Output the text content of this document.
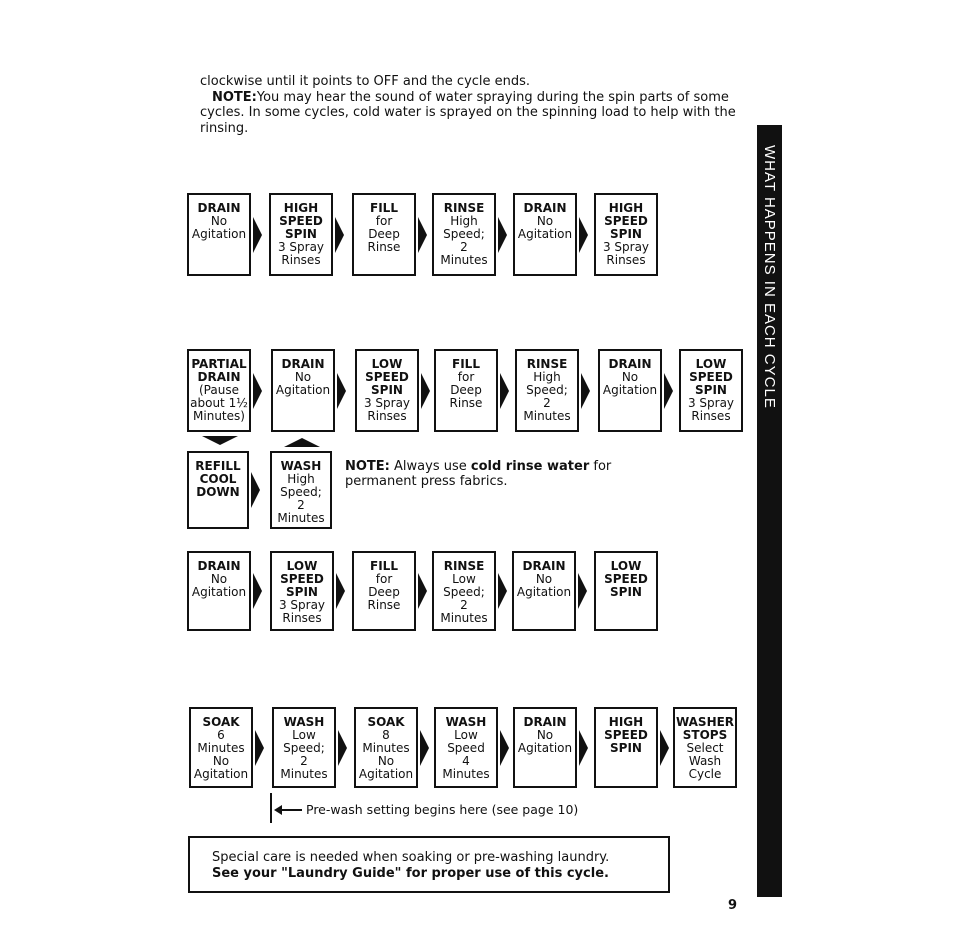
clockwise until it points to OFF and the cycle ends.

NOTE:You may hear the sound of water spraying during the spin parts of some cycles. In some cycles, cold water is sprayed on the spinning load to help with the rinsing.

DRAIN
No
Agitation
HIGH
SPEED
SPIN
3 Spray
Rinses
FILL
for
Deep
Rinse
RINSE
High
Speed;
2
Minutes
DRAIN
No
Agitation
HIGH
SPEED
SPIN
3 Spray
Rinses
PARTIAL
DRAIN
(Pause
about 1½
Minutes)
DRAIN
No
Agitation
LOW
SPEED
SPIN
3 Spray
Rinses
FILL
for
Deep
Rinse
RINSE
High
Speed;
2
Minutes
DRAIN
No
Agitation
LOW
SPEED
SPIN
3 Spray
Rinses
REFILL
COOL
DOWN
WASH
High
Speed;
2
Minutes
DRAIN
No
Agitation
LOW
SPEED
SPIN
3 Spray
Rinses
FILL
for
Deep
Rinse
RINSE
Low
Speed;
2
Minutes
DRAIN
No
Agitation
LOW
SPEED
SPIN
SOAK
6
Minutes
No
Agitation
WASH
Low
Speed;
2
Minutes
SOAK
8
Minutes
No
Agitation
WASH
Low
Speed
4
Minutes
DRAIN
No
Agitation
HIGH
SPEED
SPIN
WASHER
STOPS
Select
Wash
Cycle
NOTE: Always use cold rinse water for permanent press fabrics.
Pre-wash setting begins here (see page 10)

Special care is needed when soaking or pre-washing laundry.

See your "Laundry Guide" for proper use of this cycle.

WHAT HAPPENS IN EACH CYCLE
9
